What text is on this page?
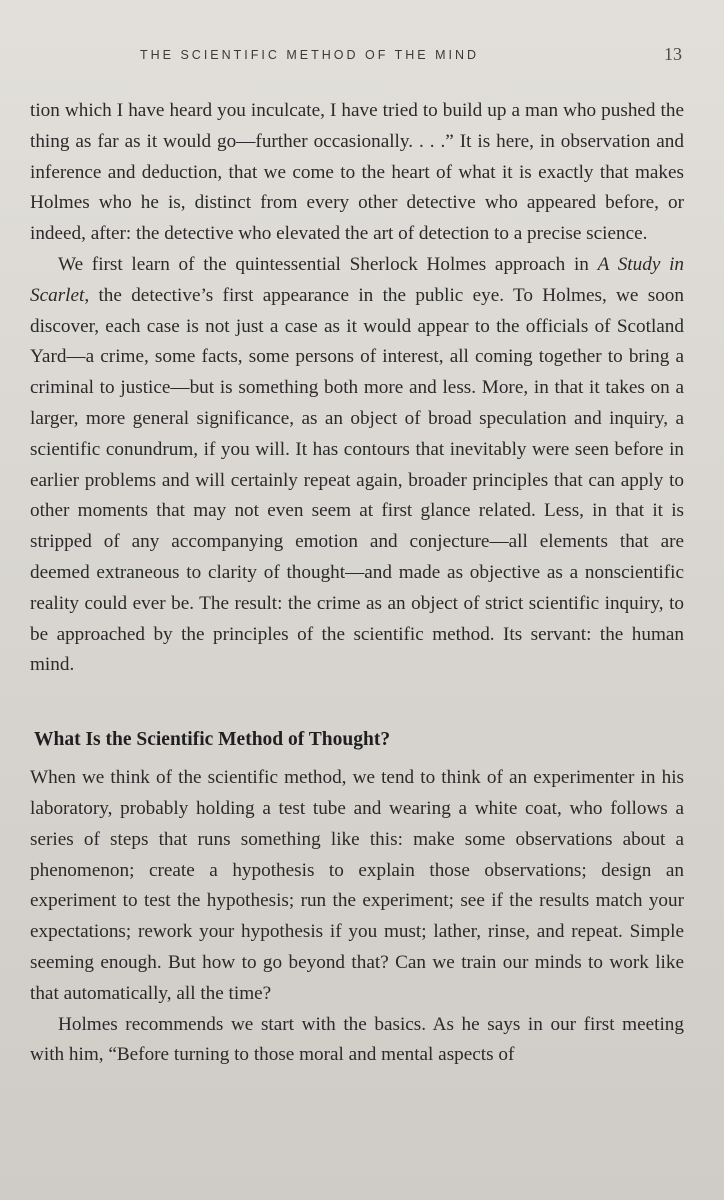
THE SCIENTIFIC METHOD OF THE MIND	13

tion which I have heard you inculcate, I have tried to build up a man who pushed the thing as far as it would go—further occasionally. . . .” It is here, in observation and inference and deduction, that we come to the heart of what it is exactly that makes Holmes who he is, distinct from every other detective who appeared before, or indeed, after: the detective who elevated the art of detection to a precise science.

We first learn of the quintessential Sherlock Holmes approach in A Study in Scarlet, the detective’s first appearance in the public eye. To Holmes, we soon discover, each case is not just a case as it would appear to the officials of Scotland Yard—a crime, some facts, some persons of interest, all coming together to bring a criminal to justice—but is something both more and less. More, in that it takes on a larger, more general significance, as an object of broad speculation and inquiry, a scientific conundrum, if you will. It has contours that inevitably were seen before in earlier problems and will certainly repeat again, broader principles that can apply to other moments that may not even seem at first glance related. Less, in that it is stripped of any accompanying emotion and conjecture—all elements that are deemed extraneous to clarity of thought—and made as objective as a nonscientific reality could ever be. The result: the crime as an object of strict scientific inquiry, to be approached by the principles of the scientific method. Its servant: the human mind.

What Is the Scientific Method of Thought?

When we think of the scientific method, we tend to think of an experimenter in his laboratory, probably holding a test tube and wearing a white coat, who follows a series of steps that runs something like this: make some observations about a phenomenon; create a hypothesis to explain those observations; design an experiment to test the hypothesis; run the experiment; see if the results match your expectations; rework your hypothesis if you must; lather, rinse, and repeat. Simple seeming enough. But how to go beyond that? Can we train our minds to work like that automatically, all the time?

Holmes recommends we start with the basics. As he says in our first meeting with him, “Before turning to those moral and mental aspects of
